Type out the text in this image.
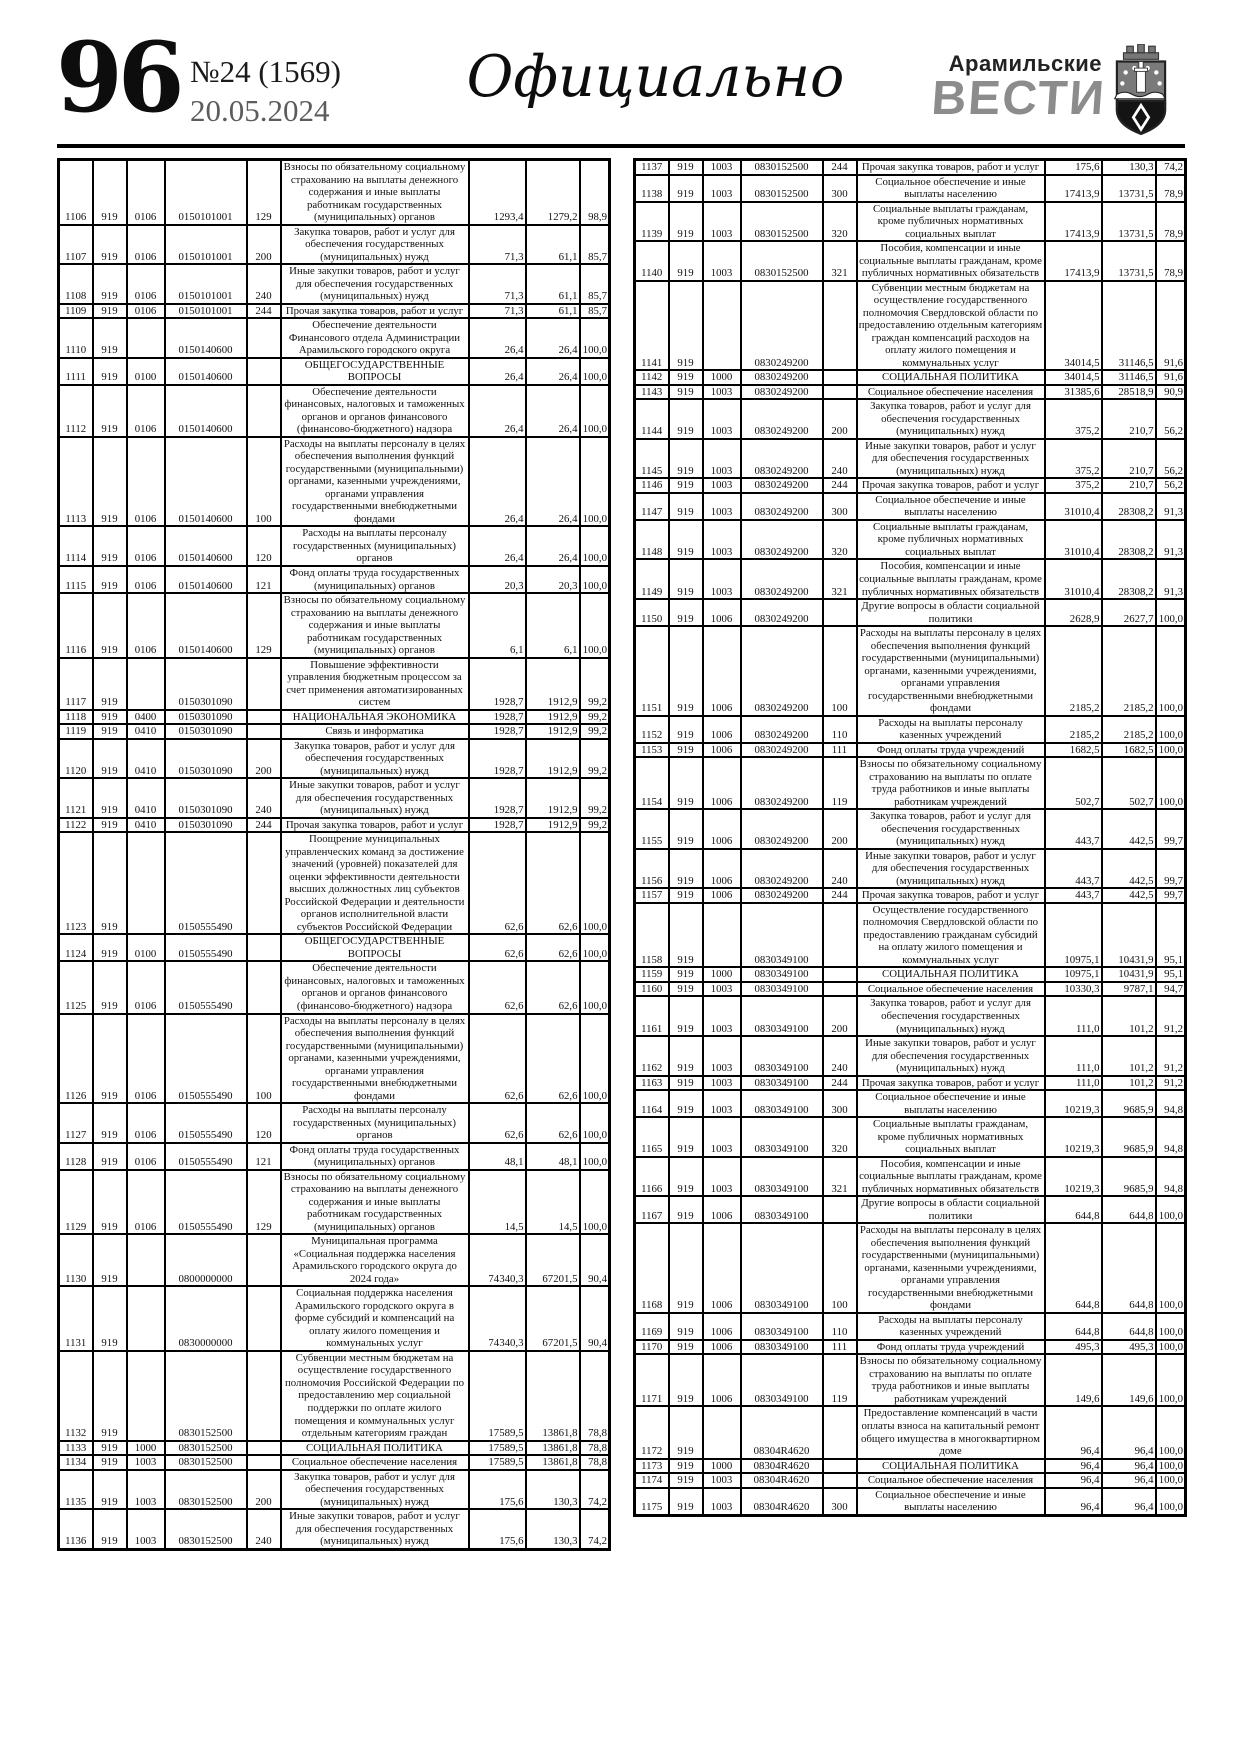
96 №24 (1569)
20.05.2024
Официально	Арамильские
ВЕСТИ
1106	919	0106	0150101001	129	Взносы по обязательному социальному страхованию на выплаты денежного содержания и иные выплаты работникам государственных (муниципальных) органов	1293,4	1279,2	98,9
1107	919	0106	0150101001	200	Закупка товаров, работ и услуг для обеспечения государственных (муниципальных) нужд	71,3	61,1	85,7
1108	919	0106	0150101001	240	Иные закупки товаров, работ и услуг для обеспечения государственных (муниципальных) нужд	71,3	61,1	85,7
1109	919	0106	0150101001	244	Прочая закупка товаров, работ и услуг	71,3	61,1	85,7
1110	919		0150140600		Обеспечение деятельности Финансового отдела Администрации Арамильского городского округа	26,4	26,4	100,0
1111	919	0100	0150140600		ОБЩЕГОСУДАРСТВЕННЫЕ ВОПРОСЫ	26,4	26,4	100,0
1112	919	0106	0150140600		Обеспечение деятельности финансовых, налоговых и таможенных органов и органов финансового (финансово-бюджетного) надзора	26,4	26,4	100,0
1113	919	0106	0150140600	100	Расходы на выплаты персоналу в целях обеспечения выполнения функций государственными (муниципальными) органами, казенными учреждениями, органами управления государственными внебюджетными фондами	26,4	26,4	100,0
1114	919	0106	0150140600	120	Расходы на выплаты персоналу государственных (муниципальных) органов	26,4	26,4	100,0
1115	919	0106	0150140600	121	Фонд оплаты труда государственных (муниципальных) органов	20,3	20,3	100,0
1116	919	0106	0150140600	129	Взносы по обязательному социальному страхованию на выплаты денежного содержания и иные выплаты работникам государственных (муниципальных) органов	6,1	6,1	100,0
1117	919		0150301090		Повышение эффективности управления бюджетным процессом за счет применения автоматизированных систем	1928,7	1912,9	99,2
1118	919	0400	0150301090		НАЦИОНАЛЬНАЯ ЭКОНОМИКА	1928,7	1912,9	99,2
1119	919	0410	0150301090		Связь и информатика	1928,7	1912,9	99,2
1120	919	0410	0150301090	200	Закупка товаров, работ и услуг для обеспечения государственных (муниципальных) нужд	1928,7	1912,9	99,2
1121	919	0410	0150301090	240	Иные закупки товаров, работ и услуг для обеспечения государственных (муниципальных) нужд	1928,7	1912,9	99,2
1122	919	0410	0150301090	244	Прочая закупка товаров, работ и услуг	1928,7	1912,9	99,2
1123	919		0150555490		Поощрение муниципальных управленческих команд за достижение значений (уровней) показателей для оценки эффективности деятельности высших должностных лиц субъектов Российской Федерации и деятельности органов исполнительной власти субъектов Российской Федерации	62,6	62,6	100,0
1124	919	0100	0150555490		ОБЩЕГОСУДАРСТВЕННЫЕ ВОПРОСЫ	62,6	62,6	100,0
1125	919	0106	0150555490		Обеспечение деятельности финансовых, налоговых и таможенных органов и органов финансового (финансово-бюджетного) надзора	62,6	62,6	100,0
1126	919	0106	0150555490	100	Расходы на выплаты персоналу в целях обеспечения выполнения функций государственными (муниципальными) органами, казенными учреждениями, органами управления государственными внебюджетными фондами	62,6	62,6	100,0
1127	919	0106	0150555490	120	Расходы на выплаты персоналу государственных (муниципальных) органов	62,6	62,6	100,0
1128	919	0106	0150555490	121	Фонд оплаты труда государственных (муниципальных) органов	48,1	48,1	100,0
1129	919	0106	0150555490	129	Взносы по обязательному социальному страхованию на выплаты денежного содержания и иные выплаты работникам государственных (муниципальных) органов	14,5	14,5	100,0
1130	919		0800000000		Муниципальная программа «Социальная поддержка населения Арамильского городского округа до 2024 года»	74340,3	67201,5	90,4
1131	919		0830000000		Социальная поддержка населения Арамильского городского округа в форме субсидий и компенсаций на оплату жилого помещения и коммунальных услуг	74340,3	67201,5	90,4
1132	919		0830152500		Субвенции местным бюджетам на осуществление государственного полномочия Российской Федерации по предоставлению мер социальной поддержки по оплате жилого помещения и коммунальных услуг отдельным категориям граждан	17589,5	13861,8	78,8
1133	919	1000	0830152500		СОЦИАЛЬНАЯ ПОЛИТИКА	17589,5	13861,8	78,8
1134	919	1003	0830152500		Социальное обеспечение населения	17589,5	13861,8	78,8
1135	919	1003	0830152500	200	Закупка товаров, работ и услуг для обеспечения государственных (муниципальных) нужд	175,6	130,3	74,2
1136	919	1003	0830152500	240	Иные закупки товаров, работ и услуг для обеспечения государственных (муниципальных) нужд	175,6	130,3	74,2
1137	919	1003	0830152500	244	Прочая закупка товаров, работ и услуг	175,6	130,3	74,2
1138	919	1003	0830152500	300	Социальное обеспечение и иные выплаты населению	17413,9	13731,5	78,9
1139	919	1003	0830152500	320	Социальные выплаты гражданам, кроме публичных нормативных социальных выплат	17413,9	13731,5	78,9
1140	919	1003	0830152500	321	Пособия, компенсации и иные социальные выплаты гражданам, кроме публичных нормативных обязательств	17413,9	13731,5	78,9
1141	919		0830249200		Субвенции местным бюджетам на осуществление государственного полномочия Свердловской области по предоставлению отдельным категориям граждан компенсаций расходов на оплату жилого помещения и коммунальных услуг	34014,5	31146,5	91,6
1142	919	1000	0830249200		СОЦИАЛЬНАЯ ПОЛИТИКА	34014,5	31146,5	91,6
1143	919	1003	0830249200		Социальное обеспечение населения	31385,6	28518,9	90,9
1144	919	1003	0830249200	200	Закупка товаров, работ и услуг для обеспечения государственных (муниципальных) нужд	375,2	210,7	56,2
1145	919	1003	0830249200	240	Иные закупки товаров, работ и услуг для обеспечения государственных (муниципальных) нужд	375,2	210,7	56,2
1146	919	1003	0830249200	244	Прочая закупка товаров, работ и услуг	375,2	210,7	56,2
1147	919	1003	0830249200	300	Социальное обеспечение и иные выплаты населению	31010,4	28308,2	91,3
1148	919	1003	0830249200	320	Социальные выплаты гражданам, кроме публичных нормативных социальных выплат	31010,4	28308,2	91,3
1149	919	1003	0830249200	321	Пособия, компенсации и иные социальные выплаты гражданам, кроме публичных нормативных обязательств	31010,4	28308,2	91,3
1150	919	1006	0830249200		Другие вопросы в области социальной политики	2628,9	2627,7	100,0
1151	919	1006	0830249200	100	Расходы на выплаты персоналу в целях обеспечения выполнения функций государственными (муниципальными) органами, казенными учреждениями, органами управления государственными внебюджетными фондами	2185,2	2185,2	100,0
1152	919	1006	0830249200	110	Расходы на выплаты персоналу казенных учреждений	2185,2	2185,2	100,0
1153	919	1006	0830249200	111	Фонд оплаты труда учреждений	1682,5	1682,5	100,0
1154	919	1006	0830249200	119	Взносы по обязательному социальному страхованию на выплаты по оплате труда работников и иные выплаты работникам учреждений	502,7	502,7	100,0
1155	919	1006	0830249200	200	Закупка товаров, работ и услуг для обеспечения государственных (муниципальных) нужд	443,7	442,5	99,7
1156	919	1006	0830249200	240	Иные закупки товаров, работ и услуг для обеспечения государственных (муниципальных) нужд	443,7	442,5	99,7
1157	919	1006	0830249200	244	Прочая закупка товаров, работ и услуг	443,7	442,5	99,7
1158	919		0830349100		Осуществление государственного полномочия Свердловской области по предоставлению гражданам субсидий на оплату жилого помещения и коммунальных услуг	10975,1	10431,9	95,1
1159	919	1000	0830349100		СОЦИАЛЬНАЯ ПОЛИТИКА	10975,1	10431,9	95,1
1160	919	1003	0830349100		Социальное обеспечение населения	10330,3	9787,1	94,7
1161	919	1003	0830349100	200	Закупка товаров, работ и услуг для обеспечения государственных (муниципальных) нужд	111,0	101,2	91,2
1162	919	1003	0830349100	240	Иные закупки товаров, работ и услуг для обеспечения государственных (муниципальных) нужд	111,0	101,2	91,2
1163	919	1003	0830349100	244	Прочая закупка товаров, работ и услуг	111,0	101,2	91,2
1164	919	1003	0830349100	300	Социальное обеспечение и иные выплаты населению	10219,3	9685,9	94,8
1165	919	1003	0830349100	320	Социальные выплаты гражданам, кроме публичных нормативных социальных выплат	10219,3	9685,9	94,8
1166	919	1003	0830349100	321	Пособия, компенсации и иные социальные выплаты гражданам, кроме публичных нормативных обязательств	10219,3	9685,9	94,8
1167	919	1006	0830349100		Другие вопросы в области социальной политики	644,8	644,8	100,0
1168	919	1006	0830349100	100	Расходы на выплаты персоналу в целях обеспечения выполнения функций государственными (муниципальными) органами, казенными учреждениями, органами управления государственными внебюджетными фондами	644,8	644,8	100,0
1169	919	1006	0830349100	110	Расходы на выплаты персоналу казенных учреждений	644,8	644,8	100,0
1170	919	1006	0830349100	111	Фонд оплаты труда учреждений	495,3	495,3	100,0
1171	919	1006	0830349100	119	Взносы по обязательному социальному страхованию на выплаты по оплате труда работников и иные выплаты работникам учреждений	149,6	149,6	100,0
1172	919		08304R4620		Предоставление компенсаций в части оплаты взноса на капитальный ремонт общего имущества в многоквартирном доме	96,4	96,4	100,0
1173	919	1000	08304R4620		СОЦИАЛЬНАЯ ПОЛИТИКА	96,4	96,4	100,0
1174	919	1003	08304R4620		Социальное обеспечение населения	96,4	96,4	100,0
1175	919	1003	08304R4620	300	Социальное обеспечение и иные выплаты населению	96,4	96,4	100,0
